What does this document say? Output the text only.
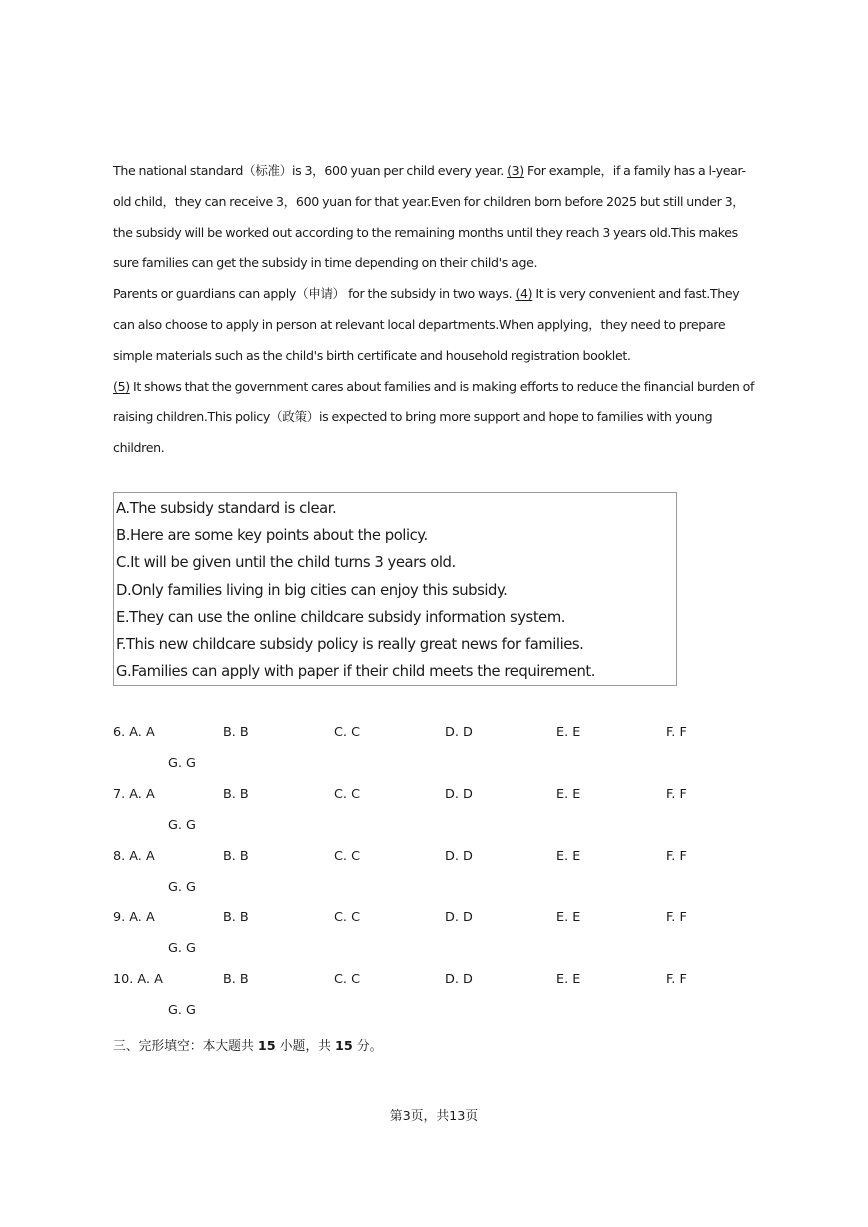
The national standard（标准）is 3，600 yuan per child every year. (3) For example，if a family has a l-year-old child，they can receive 3，600 yuan for that year.Even for children born before 2025 but still under 3，the subsidy will be worked out according to the remaining months until they reach 3 years old.This makes sure families can get the subsidy in time depending on their child's age.

Parents or guardians can apply（申请） for the subsidy in two ways. (4) It is very convenient and fast.They can also choose to apply in person at relevant local departments.When applying，they need to prepare simple materials such as the child's birth certificate and household registration booklet.

(5) It shows that the government cares about families and is making efforts to reduce the financial burden of raising children.This policy（政策）is expected to bring more support and hope to families with young children.

A.The subsidy standard is clear.
B.Here are some key points about the policy.
C.It will be given until the child turns 3 years old.
D.Only families living in big cities can enjoy this subsidy.
E.They can use the online childcare subsidy information system.
F.This new childcare subsidy policy is really great news for families.
G.Families can apply with paper if their child meets the requirement.
6. A. A	B. B	C. C	D. D	E. E	F. F
G. G
7. A. A	B. B	C. C	D. D	E. E	F. F
G. G
8. A. A	B. B	C. C	D. D	E. E	F. F
G. G
9. A. A	B. B	C. C	D. D	E. E	F. F
G. G
10. A. A	B. B	C. C	D. D	E. E	F. F
G. G
三、完形填空：本大题共 15 小题，共 15 分。
第3页，共13页
